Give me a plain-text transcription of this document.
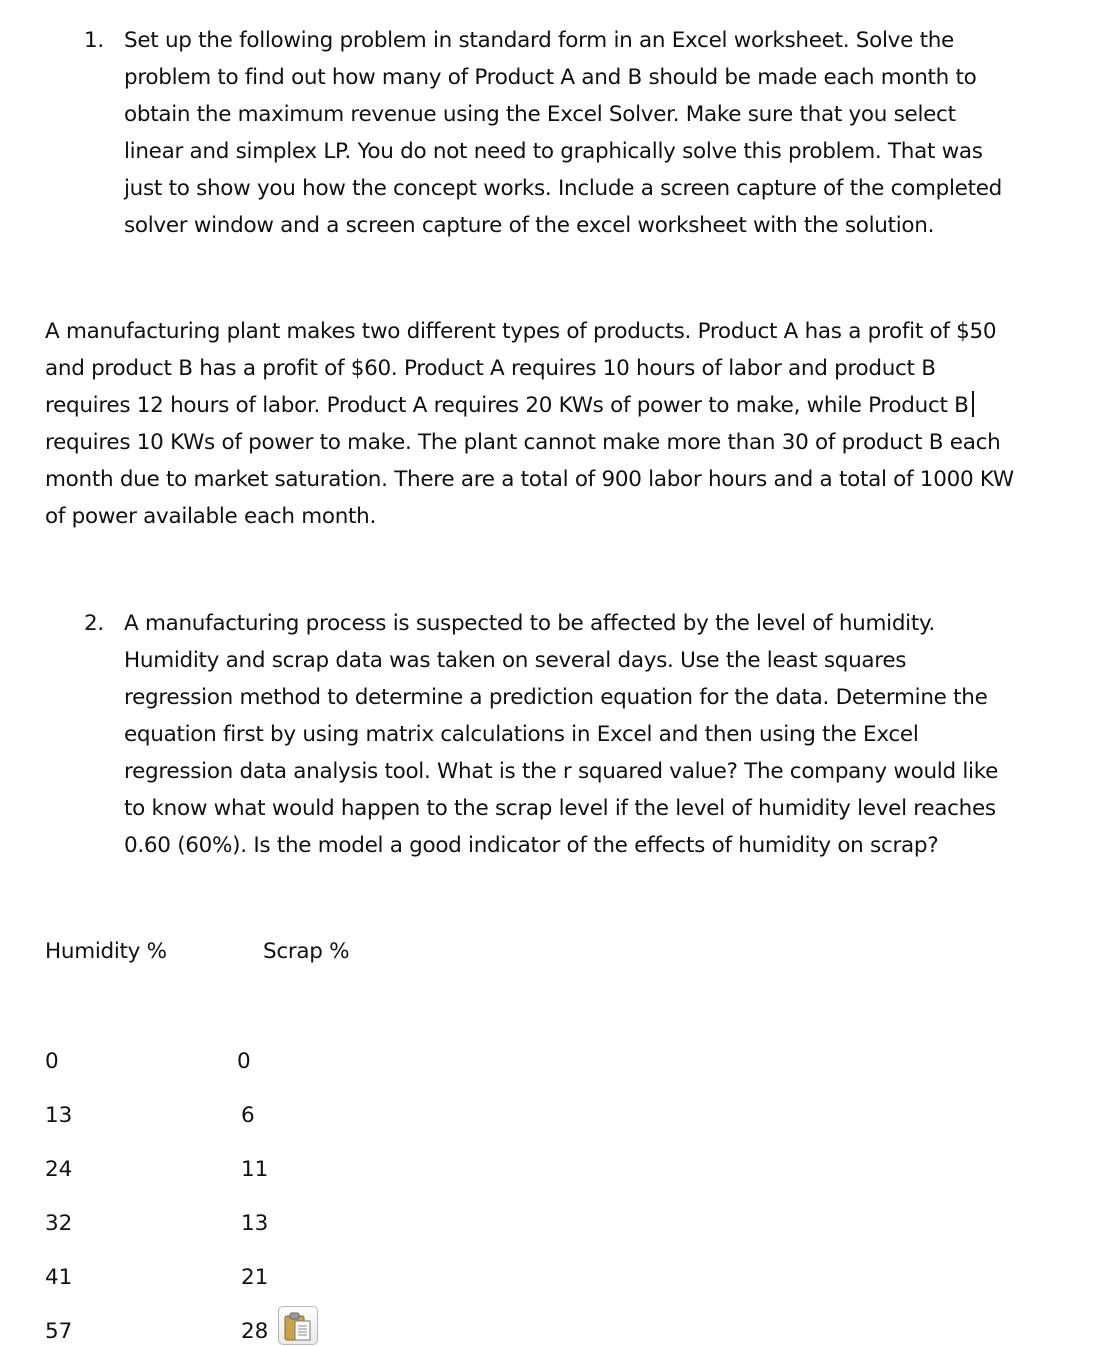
1. Set up the following problem in standard form in an Excel worksheet. Solve the
problem to find out how many of Product A and B should be made each month to
obtain the maximum revenue using the Excel Solver. Make sure that you select
linear and simplex LP. You do not need to graphically solve this problem. That was
just to show you how the concept works. Include a screen capture of the completed
solver window and a screen capture of the excel worksheet with the solution.
A manufacturing plant makes two different types of products. Product A has a profit of $50
and product B has a profit of $60. Product A requires 10 hours of labor and product B
requires 12 hours of labor. Product A requires 20 KWs of power to make, while Product B
requires 10 KWs of power to make. The plant cannot make more than 30 of product B each
month due to market saturation. There are a total of 900 labor hours and a total of 1000 KW
of power available each month.
2. A manufacturing process is suspected to be affected by the level of humidity.
Humidity and scrap data was taken on several days. Use the least squares
regression method to determine a prediction equation for the data. Determine the
equation first by using matrix calculations in Excel and then using the Excel
regression data analysis tool. What is the r squared value? The company would like
to know what would happen to the scrap level if the level of humidity level reaches
0.60 (60%). Is the model a good indicator of the effects of humidity on scrap?
Humidity %	Scrap %
0	0
13	6
24	11
32	13
41	21
57	28
